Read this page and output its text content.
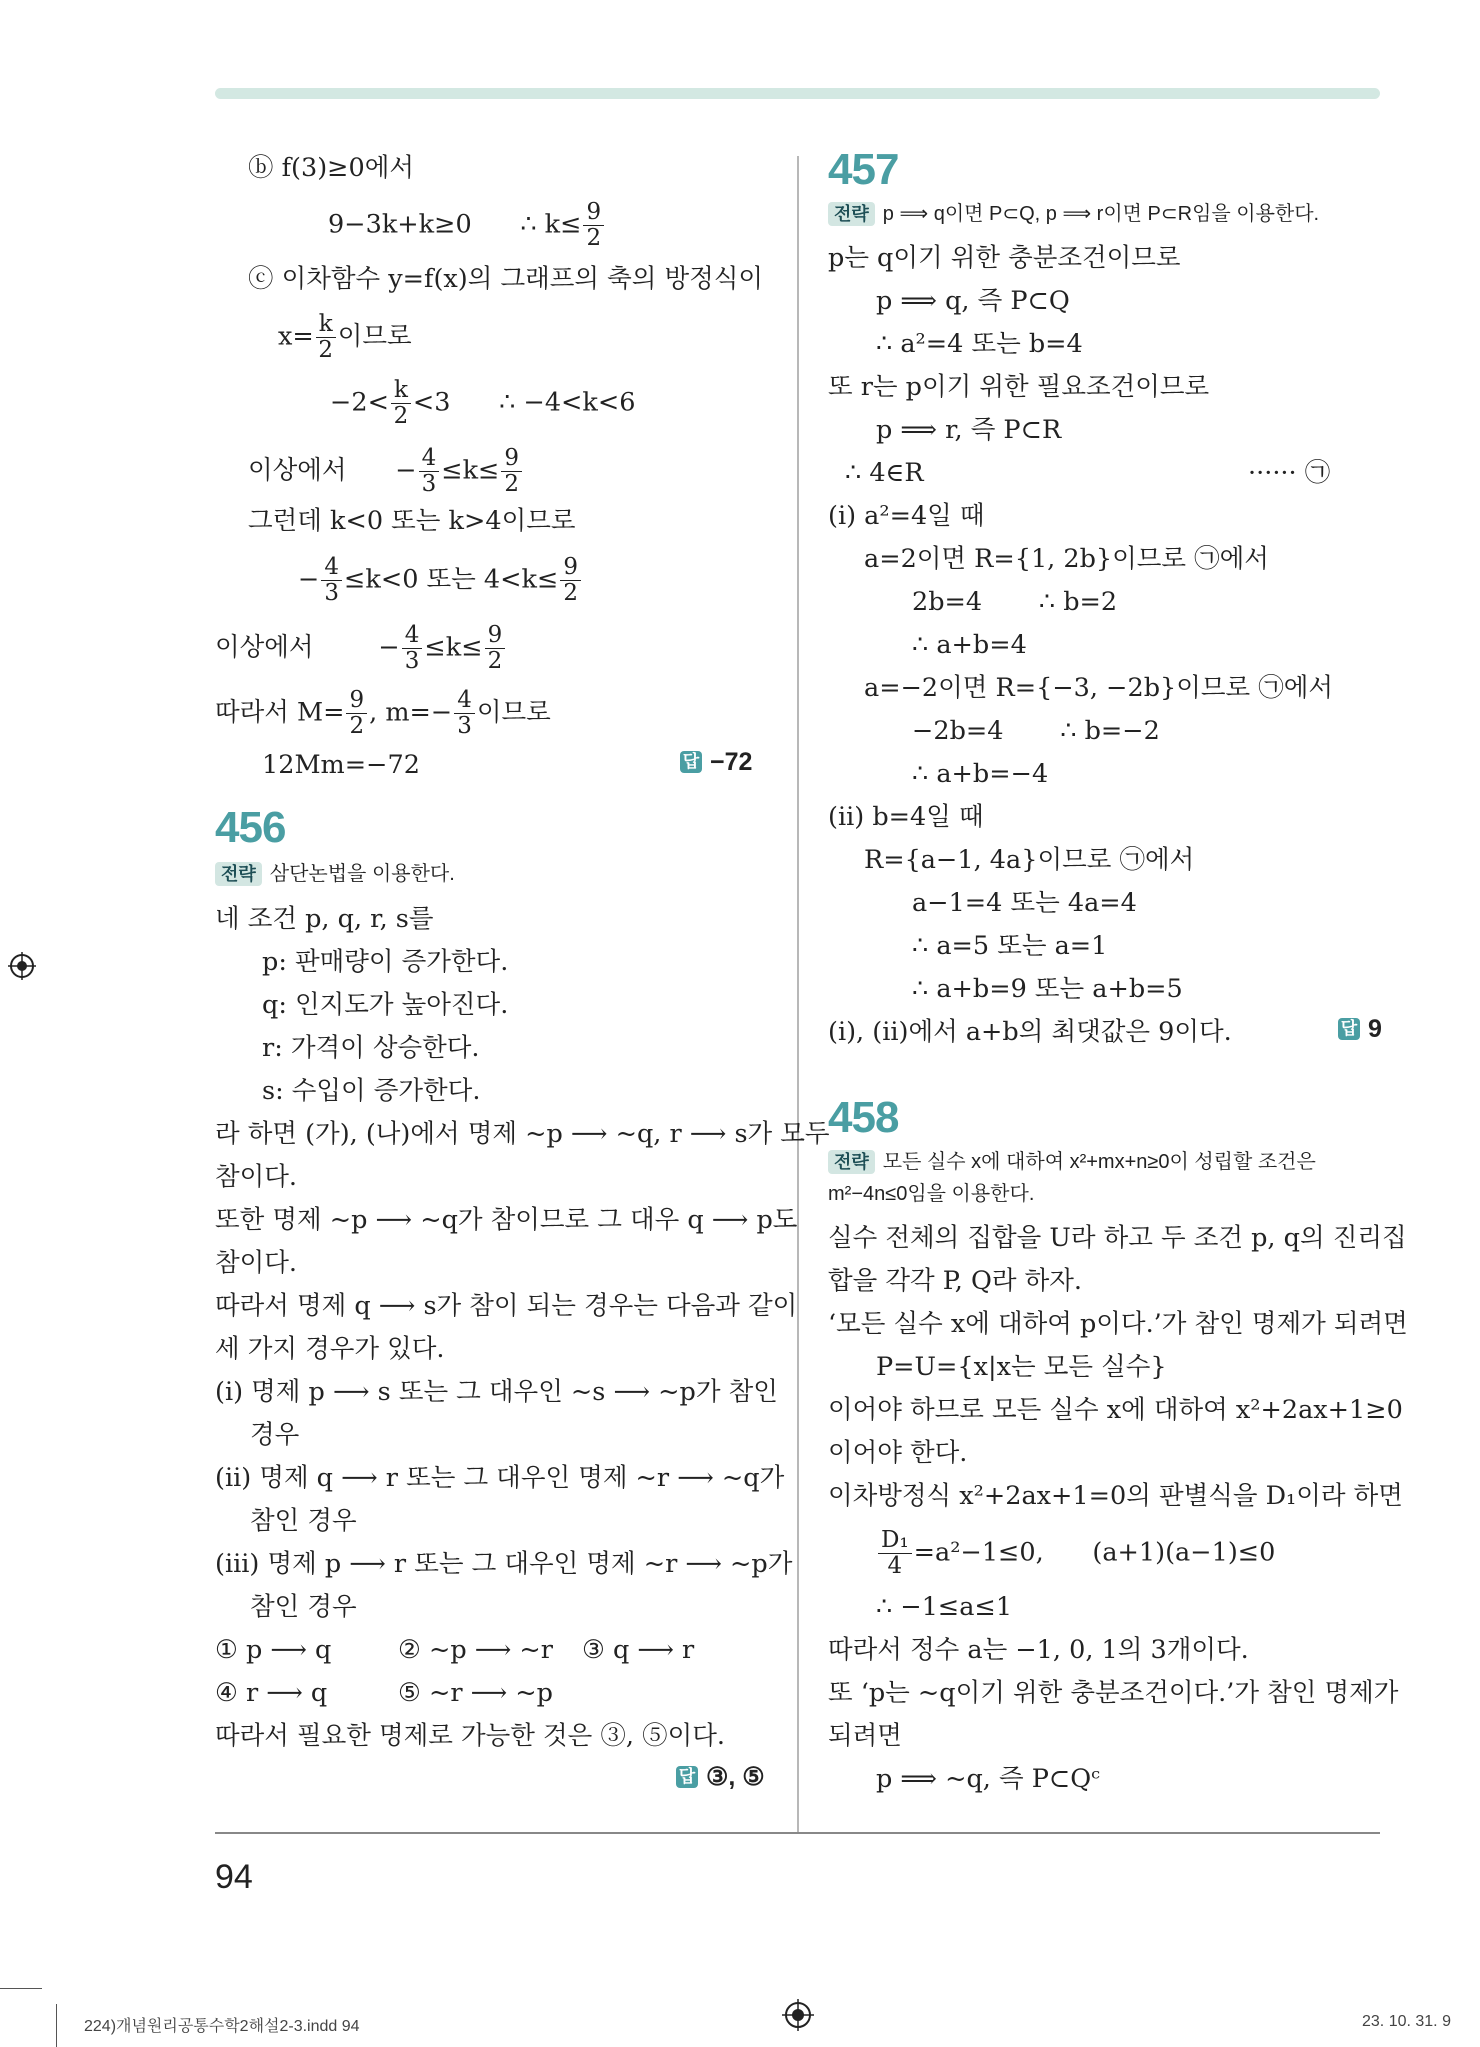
ⓑ f(3)≥0에서
9−3k+k≥0 ∴ $k\le \frac{9}{2}$
ⓒ 이차함수 y=f(x)의 그래프의 축의 방정식이
$x= \frac{k}{2}$ 이므로
$-2< \frac{k}{2} <3$ ∴ −4<k<6
이상에서 − $\frac{4}{3} \le k\le \frac{9}{2}$
그런데 k<0 또는 k>4이므로
− $\frac{4}{3} \le k<0$ 또는 $4<k\le \frac{9}{2}$
이상에서	− $\frac{4}{3} \le k\le \frac{9}{2}$
따라서 $M= \frac{9}{2}$ , $m=- \frac{4}{3}$ 이므로
12Mm=−72	답 −72
456
전략 삼단논법을 이용한다.
네 조건 p, q, r, s를
p: 판매량이 증가한다.
q: 인지도가 높아진다.
r: 가격이 상승한다.
s: 수입이 증가한다.
라 하면 (가), (나)에서 명제 ~p ⟶ ~q, r ⟶ s가 모두
참이다.
또한 명제 ~p ⟶ ~q가 참이므로 그 대우 q ⟶ p도
참이다.
따라서 명제 q ⟶ s가 참이 되는 경우는 다음과 같이
세 가지 경우가 있다.
(i) 명제 p ⟶ s 또는 그 대우인 ~s ⟶ ~p가 참인
경우
(ii) 명제 q ⟶ r 또는 그 대우인 명제 ~r ⟶ ~q가
참인 경우
(iii) 명제 p ⟶ r 또는 그 대우인 명제 ~r ⟶ ~p가
참인 경우
① p ⟶ q	② ~p ⟶ ~r ③ q ⟶ r
④ r ⟶ q	⑤ ~r ⟶ ~p
따라서 필요한 명제로 가능한 것은 ③, ⑤이다.
답 ③, ⑤
457
전략 p ⟹ q이면 P⊂Q, p ⟹ r이면 P⊂R임을 이용한다.
p는 q이기 위한 충분조건이므로
p ⟹ q, 즉 P⊂Q
∴ a²=4 또는 b=4
또 r는 p이기 위한 필요조건이므로
p ⟹ r, 즉 P⊂R
∴ 4∈R	······ ㉠
(i) a²=4일 때
a=2이면 R={1, 2b}이므로 ㉠에서
2b=4 ∴ b=2
∴ a+b=4
a=−2이면 R={−3, −2b}이므로 ㉠에서
−2b=4 ∴ b=−2
∴ a+b=−4
(ii) b=4일 때
R={a−1, 4a}이므로 ㉠에서
a−1=4 또는 4a=4
∴ a=5 또는 a=1
∴ a+b=9 또는 a+b=5
(i), (ii)에서 a+b의 최댓값은 9이다.	답 9
458
전략 모든 실수 x에 대하여 x²+mx+n≥0이 성립할 조건은
m²−4n≤0임을 이용한다.
실수 전체의 집합을 U라 하고 두 조건 p, q의 진리집
합을 각각 P, Q라 하자.
‘모든 실수 x에 대하여 p이다.’가 참인 명제가 되려면
P=U={x|x는 모든 실수}
이어야 하므로 모든 실수 x에 대하여 x²+2ax+1≥0
이어야 한다.
이차방정식 x²+2ax+1=0의 판별식을 D₁이라 하면
$\frac{\text{D₁}}{4} =a^2-1\le 0$, (a+1)(a−1)≤0
∴ −1≤a≤1
따라서 정수 a는 −1, 0, 1의 3개이다.
또 ‘p는 ~q이기 위한 충분조건이다.’가 참인 명제가
되려면
p ⟹ ~q, 즉 P⊂Qᶜ
94
224)개념원리공통수학2해설2-3.indd 94	23. 10. 31. 9
